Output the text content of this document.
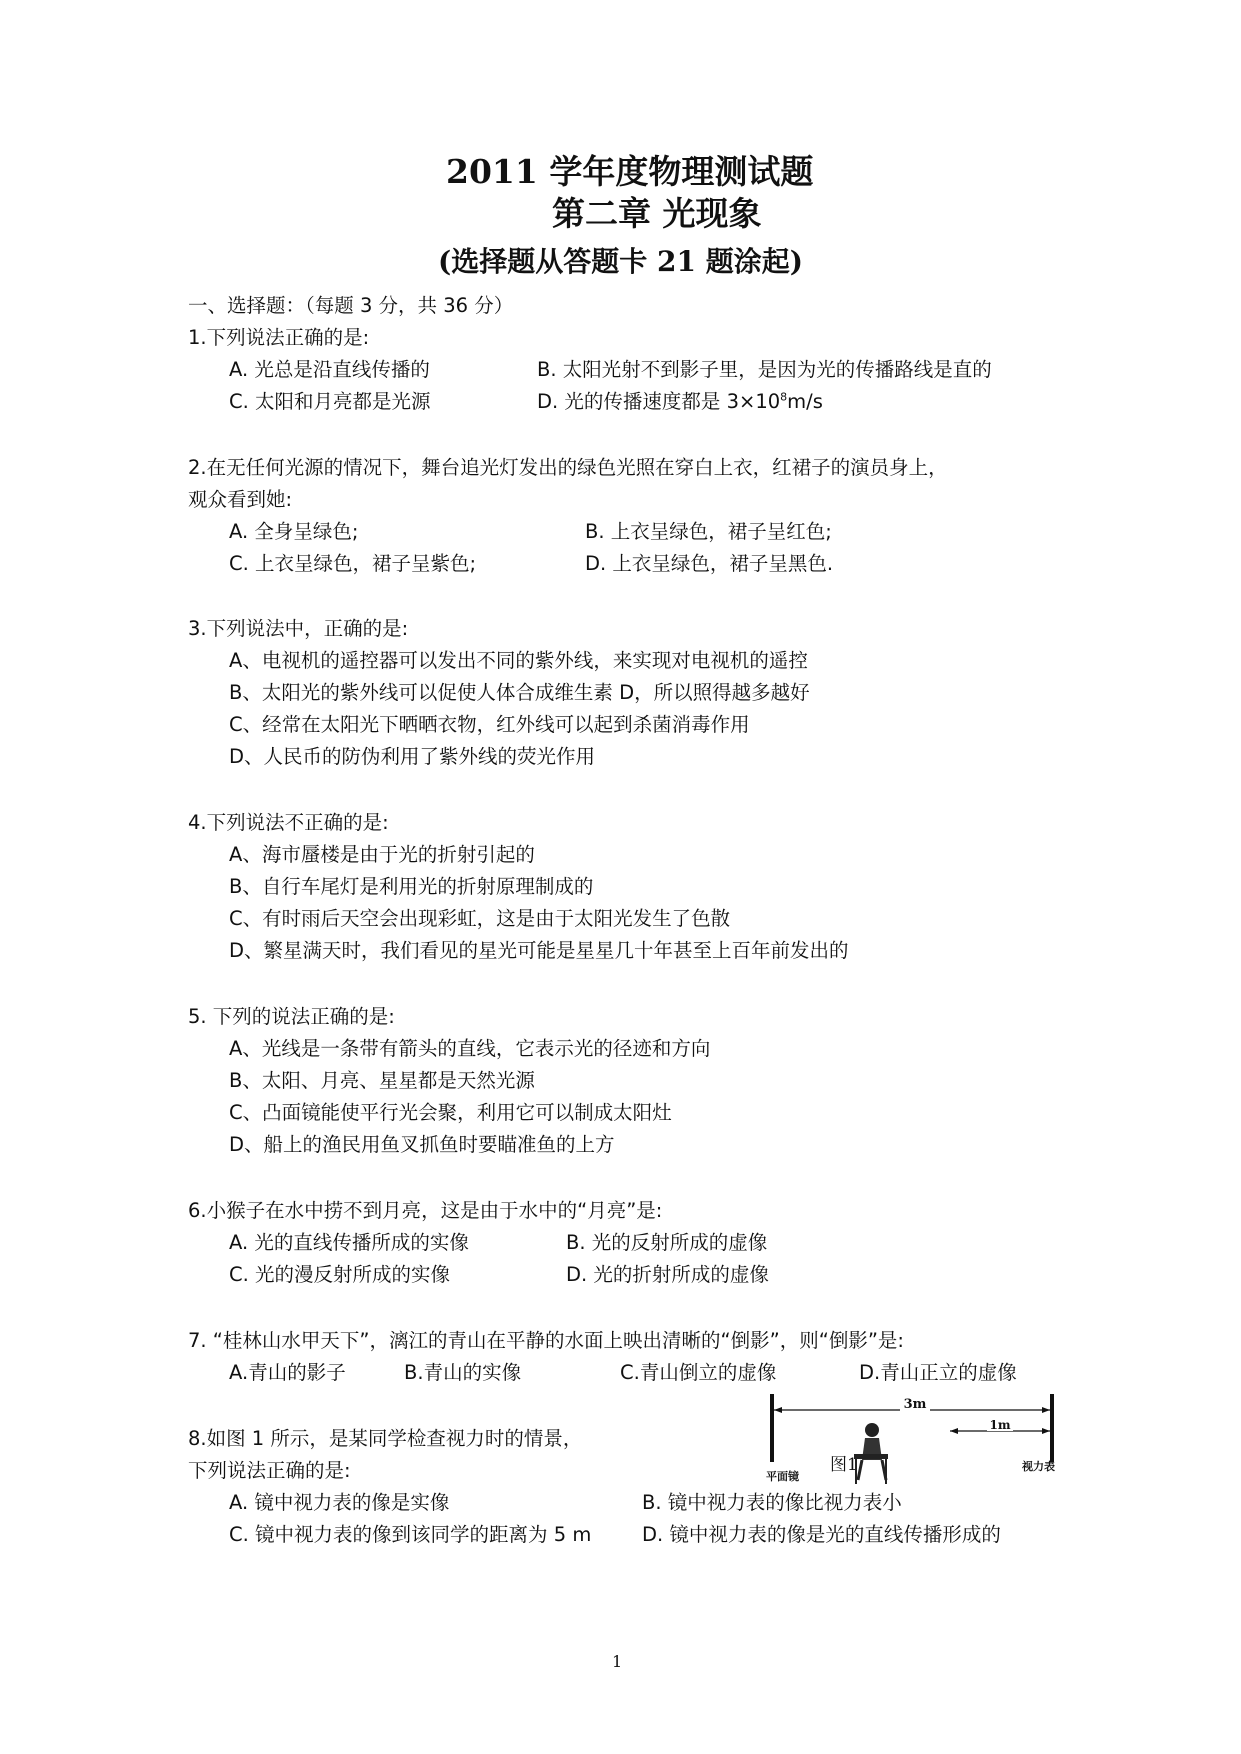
2011 学年度物理测试题
第二章 光现象
(选择题从答题卡 21 题涂起)
一、选择题：（每题 3 分，共 36 分）
1.下列说法正确的是:
A. 光总是沿直线传播的	B. 太阳光射不到影子里，是因为光的传播路线是直的
C. 太阳和月亮都是光源	D. 光的传播速度都是 $3\times 10^8m/s$
2.在无任何光源的情况下，舞台追光灯发出的绿色光照在穿白上衣，红裙子的演员身上，
观众看到她:
A. 全身呈绿色;	B. 上衣呈绿色，裙子呈红色;
C. 上衣呈绿色，裙子呈紫色;	D. 上衣呈绿色，裙子呈黑色.
3.下列说法中，正确的是:
A、电视机的遥控器可以发出不同的紫外线，来实现对电视机的遥控
B、太阳光的紫外线可以促使人体合成维生素 D，所以照得越多越好
C、经常在太阳光下晒晒衣物，红外线可以起到杀菌消毒作用
D、人民币的防伪利用了紫外线的荧光作用
4.下列说法不正确的是:
A、海市蜃楼是由于光的折射引起的
B、自行车尾灯是利用光的折射原理制成的
C、有时雨后天空会出现彩虹，这是由于太阳光发生了色散
D、繁星满天时，我们看见的星光可能是星星几十年甚至上百年前发出的
5. 下列的说法正确的是:
A、光线是一条带有箭头的直线，它表示光的径迹和方向
B、太阳、月亮、星星都是天然光源
C、凸面镜能使平行光会聚，利用它可以制成太阳灶
D、船上的渔民用鱼叉抓鱼时要瞄准鱼的上方
6.小猴子在水中捞不到月亮，这是由于水中的“月亮”是:
A. 光的直线传播所成的实像	B. 光的反射所成的虚像
C. 光的漫反射所成的实像	D. 光的折射所成的虚像
7. “桂林山水甲天下”，漓江的青山在平静的水面上映出清晰的“倒影”，则“倒影”是:
A.青山的影子	B.青山的实像	C.青山倒立的虚像	D.青山正立的虚像
8.如图 1 所示，是某同学检查视力时的情景，
下列说法正确的是:
A. 镜中视力表的像是实像	B. 镜中视力表的像比视力表小
C. 镜中视力表的像到该同学的距离为 5 m	D. 镜中视力表的像是光的直线传播形成的
3m
1m
平面镜
视力表
图1
1
